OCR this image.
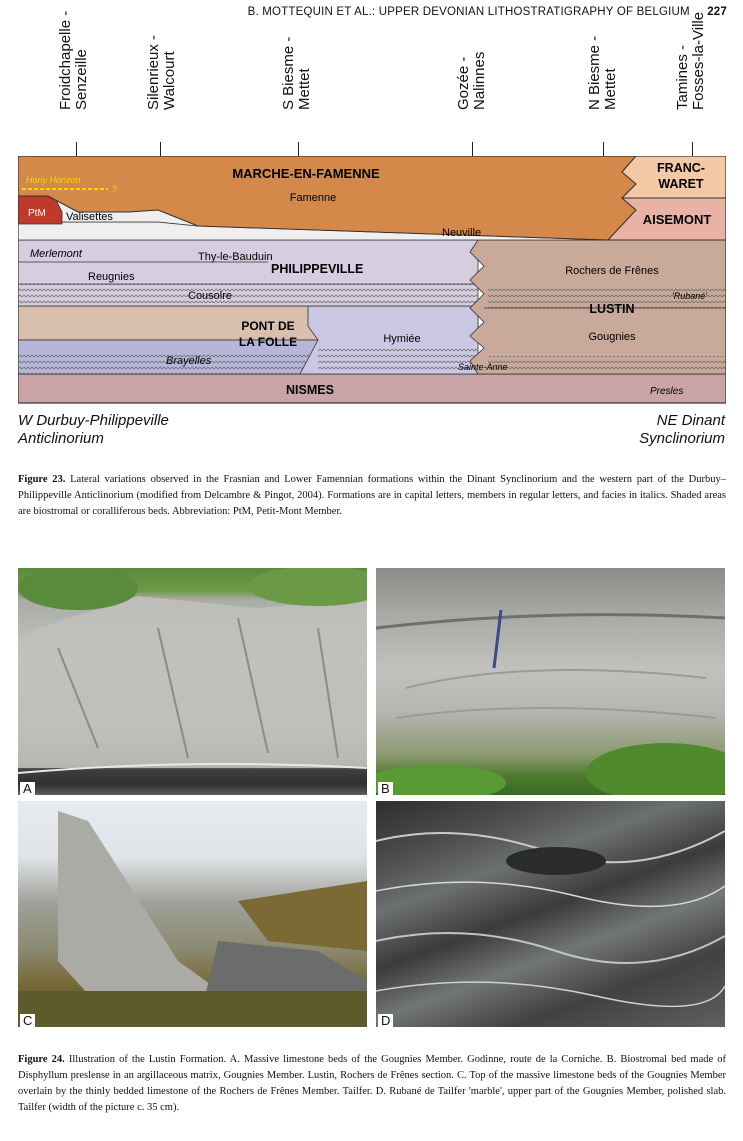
B. MOTTEQUIN ET AL.: UPPER DEVONIAN LITHOSTRATIGRAPHY OF BELGIUM 227
Froidchapelle -
Senzeille	Silenrieux -
Walcourt	S Biesme -
Mettet	Gozée -
Nalinnes	N Biesme -
Mettet	Tamines -
Fosses-la-Ville
MARCHE-EN-FAMENNE
Famenne
FRANC-WARET
AISEMONT
Hony Horizon
?
PtM Valisettes
Neuville
Merlemont	Thy-le-Bauduin
PHILIPPEVILLE
Reugnies
Cousolre
Rochers de Frênes
'Rubané'
LUSTIN
Gougnies
PONT DE LA FOLLE	Hymiée
Brayelles	Sainte-Anne
NISMES	Presles
W Durbuy-Philippeville
Anticlinorium
NE Dinant
Synclinorium
Figure 23. Lateral variations observed in the Frasnian and Lower Famennian formations within the Dinant Synclinorium and the western part of the Durbuy–Philippeville Anticlinorium (modified from Delcambre & Pingot, 2004). Formations are in capital letters, members in regular letters, and facies in italics. Shaded areas are biostromal or coralliferous beds. Abbreviation: PtM, Petit-Mont Member.
A	B
C	D
Figure 24. Illustration of the Lustin Formation. A. Massive limestone beds of the Gougnies Member. Godinne, route de la Corniche. B. Biostromal bed made of Disphyllum preslense in an argillaceous matrix, Gougnies Member. Lustin, Rochers de Frênes section. C. Top of the massive limestone beds of the Gougnies Member overlain by the thinly bedded limestone of the Rochers de Frênes Member. Tailfer. D. Rubané de Tailfer 'marble', upper part of the Gougnies Member, polished slab. Tailfer (width of the picture c. 35 cm).
